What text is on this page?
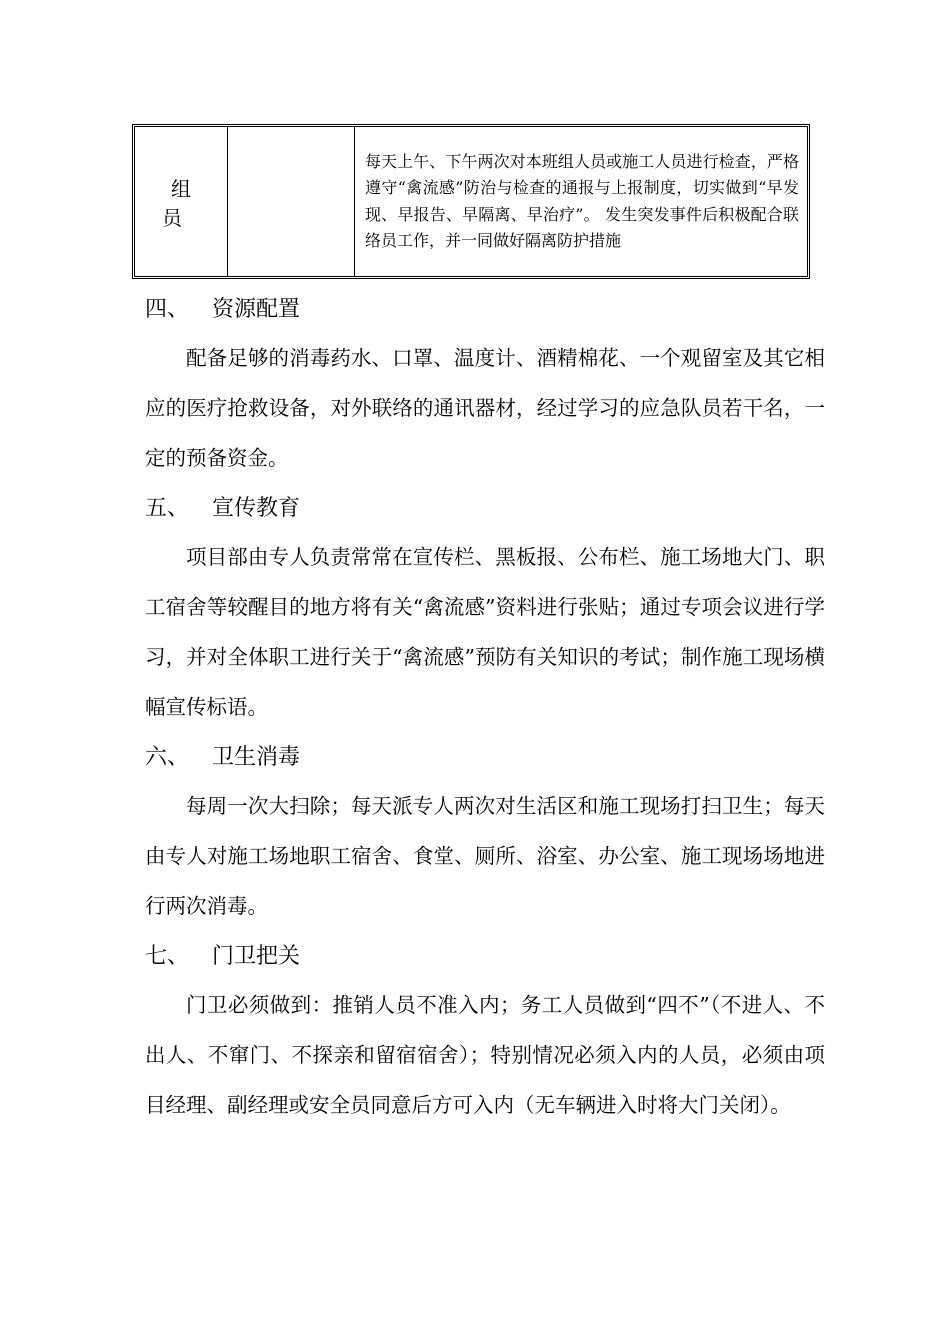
组员		每天上午、下午两次对本班组人员或施工人员进行检查，严格遵守“禽流感”防治与检查的通报与上报制度，切实做到“早发现、早报告、早隔离、早治疗”。 发生突发事件后积极配合联络员工作，并一同做好隔离防护措施
四、 资源配置

配备足够的消毒药水、口罩、温度计、酒精棉花、一个观留室及其它相应的医疗抢救设备，对外联络的通讯器材，经过学习的应急队员若干名，一定的预备资金。

五、 宣传教育

项目部由专人负责常常在宣传栏、黑板报、公布栏、施工场地大门、职工宿舍等较醒目的地方将有关“禽流感”资料进行张贴；通过专项会议进行学习，并对全体职工进行关于“禽流感”预防有关知识的考试；制作施工现场横幅宣传标语。

六、 卫生消毒

每周一次大扫除；每天派专人两次对生活区和施工现场打扫卫生；每天由专人对施工场地职工宿舍、食堂、厕所、浴室、办公室、施工现场场地进行两次消毒。

七、 门卫把关

门卫必须做到：推销人员不准入内；务工人员做到“四不”（不进人、不出人、不窜门、不探亲和留宿宿舍）；特别情况必须入内的人员，必须由项目经理、副经理或安全员同意后方可入内（无车辆进入时将大门关闭）。
